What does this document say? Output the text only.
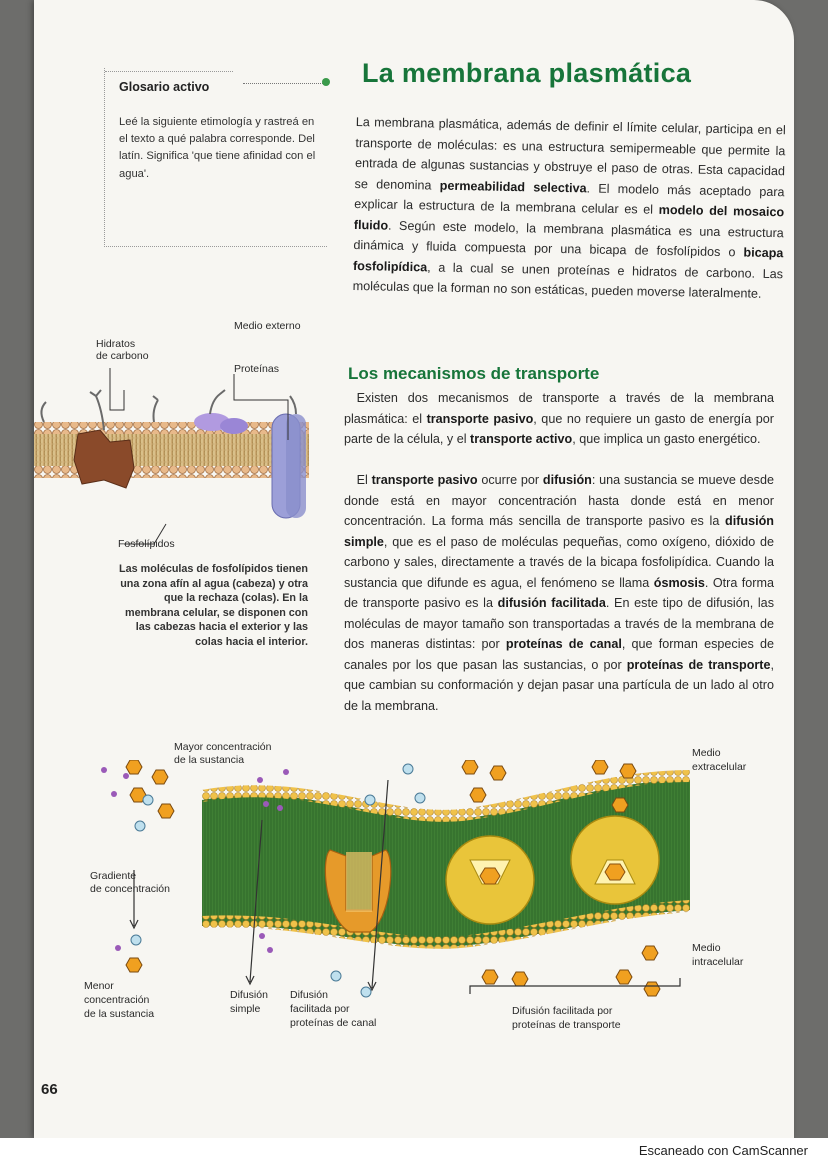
Glosario activo

Leé la siguiente etimología y rastreá en el texto a qué palabra corresponde. Del latín. Significa 'que tiene afinidad con el agua'.

La membrana plasmática

La membrana plasmática, además de definir el límite celular, participa en el transporte de moléculas: es una estructura semipermeable que permite la entrada de algunas sustancias y obstruye el paso de otras. Esta capacidad se denomina permeabilidad selectiva. El modelo más aceptado para explicar la estructura de la membrana celular es el modelo del mosaico fluido. Según este modelo, la membrana plasmática es una estructura dinámica y fluida compuesta por una bicapa de fosfolípidos o bicapa fosfolipídica, a la cual se unen proteínas e hidratos de carbono. Las moléculas que la forman no son estáticas, pueden moverse lateralmente.

Los mecanismos de transporte

 Existen dos mecanismos de transporte a través de la membrana plasmática: el transporte pasivo, que no requiere un gasto de energía por parte de la célula, y el transporte activo, que implica un gasto energético.

 El transporte pasivo ocurre por difusión: una sustancia se mueve desde donde está en mayor concentración hasta donde está en menor concentración. La forma más sencilla de transporte pasivo es la difusión simple, que es el paso de moléculas pequeñas, como oxígeno, dióxido de carbono y sales, directamente a través de la bicapa fosfolipídica. Cuando la sustancia que difunde es agua, el fenómeno se llama ósmosis. Otra forma de transporte pasivo es la difusión facilitada. En este tipo de difusión, las moléculas de mayor tamaño son transportadas a través de la membrana de dos maneras distintas: por proteínas de canal, que forman especies de canales por los que pasan las sustancias, o por proteínas de transporte, que cambian su conformación y dejan pasar una partícula de un lado al otro de la membrana.

Medio externo
Hidratos
de carbono
Proteínas
Fosfolípidos

Las moléculas de fosfolípidos tienen una zona afín al agua (cabeza) y otra que la rechaza (colas). En la membrana celular, se disponen con las cabezas hacia el exterior y las colas hacia el interior.

Mayor concentración
de la sustancia
Gradiente
de concentración
Menor
concentración
de la sustancia
Difusión
simple
Difusión
facilitada por
proteínas de canal
Difusión facilitada por
proteínas de transporte
Medio
extracelular
Medio
intracelular
66
Escaneado con CamScanner
